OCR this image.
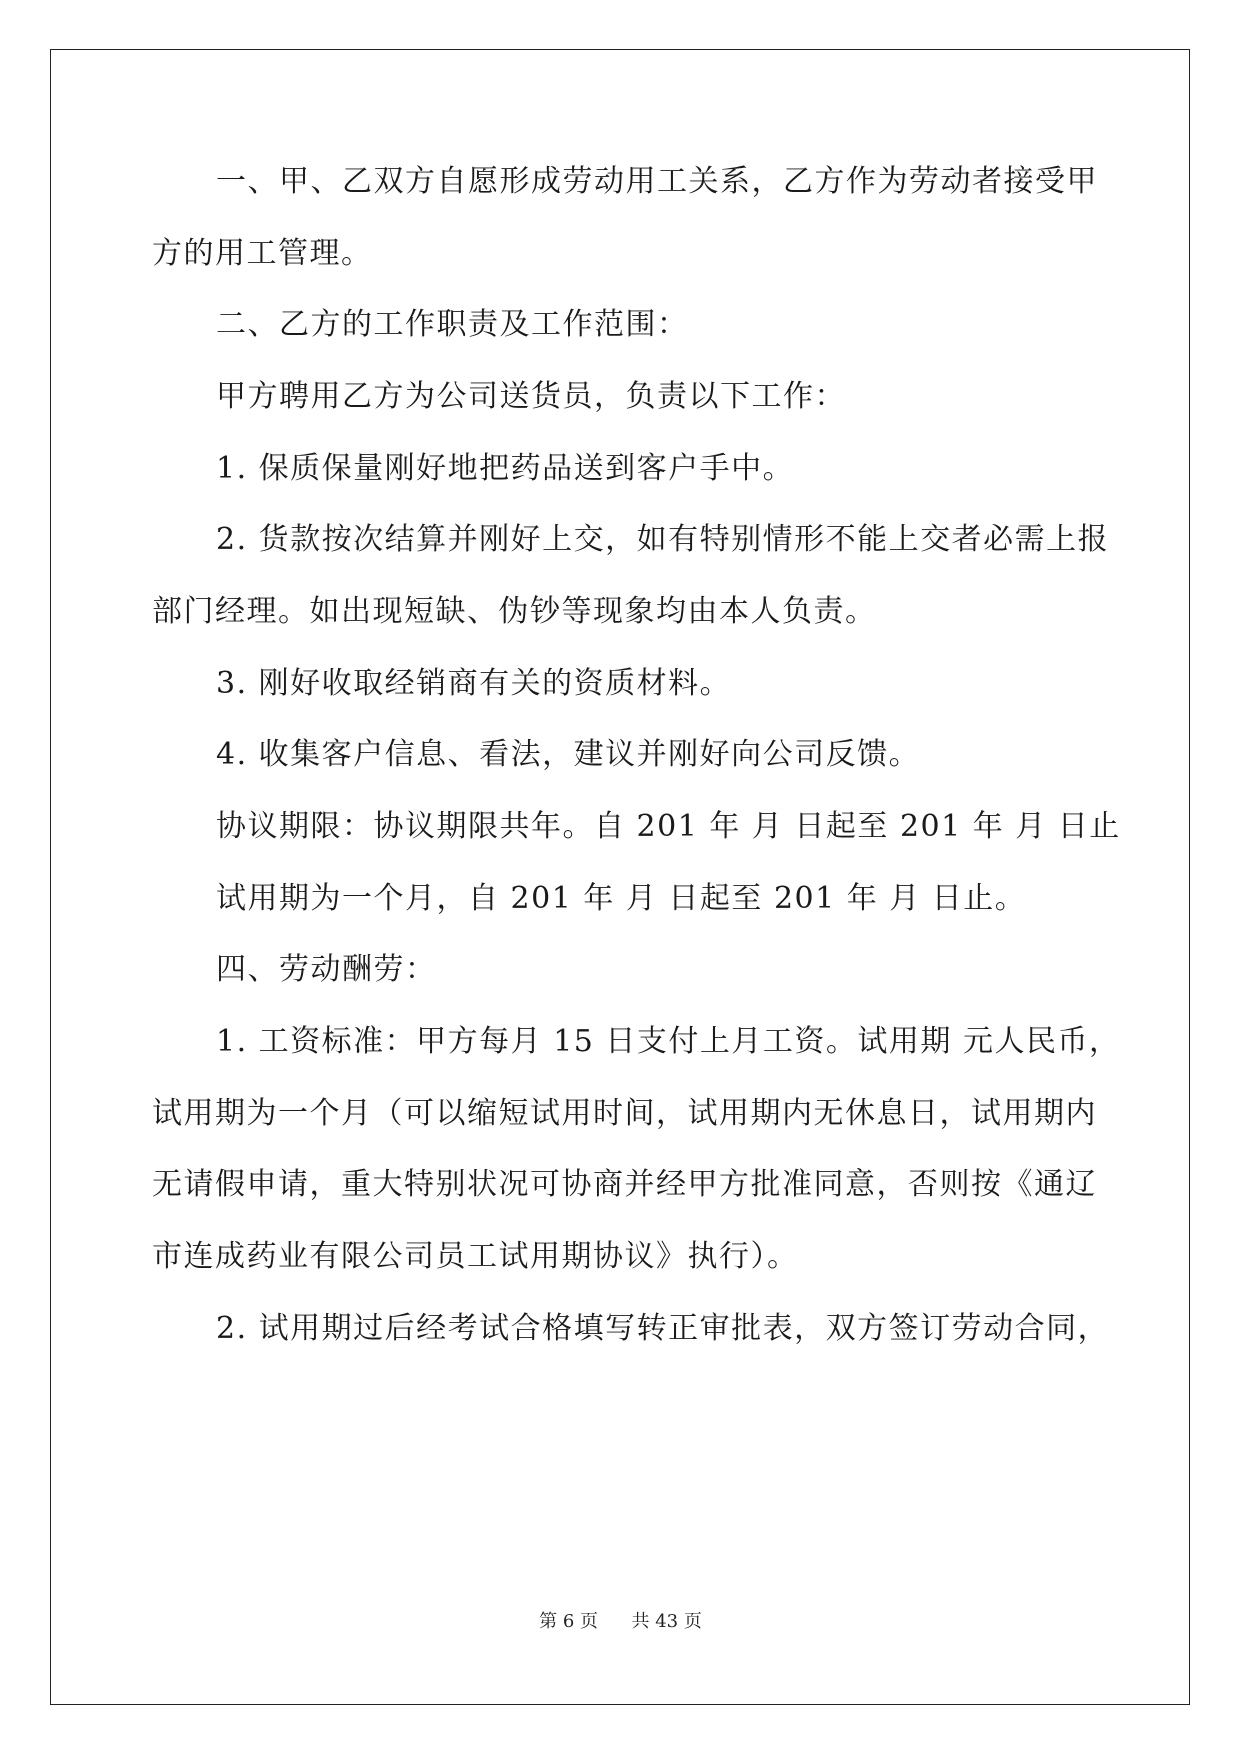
一、甲、乙双方自愿形成劳动用工关系，乙方作为劳动者接受甲
方的用工管理。
二、乙方的工作职责及工作范围：
甲方聘用乙方为公司送货员，负责以下工作：
1. 保质保量刚好地把药品送到客户手中。
2. 货款按次结算并刚好上交，如有特别情形不能上交者必需上报
部门经理。如出现短缺、伪钞等现象均由本人负责。
3. 刚好收取经销商有关的资质材料。
4. 收集客户信息、看法，建议并刚好向公司反馈。
协议期限：协议期限共年。自 201 年 月 日起至 201 年 月 日止
试用期为一个月，自 201 年 月 日起至 201 年 月 日止。
四、劳动酬劳：
1. 工资标准：甲方每月 15 日支付上月工资。试用期 元人民币，
试用期为一个月（可以缩短试用时间，试用期内无休息日，试用期内
无请假申请，重大特别状况可协商并经甲方批准同意，否则按《通辽
市连成药业有限公司员工试用期协议》执行）。
2. 试用期过后经考试合格填写转正审批表，双方签订劳动合同，
第 6 页 共 43 页
